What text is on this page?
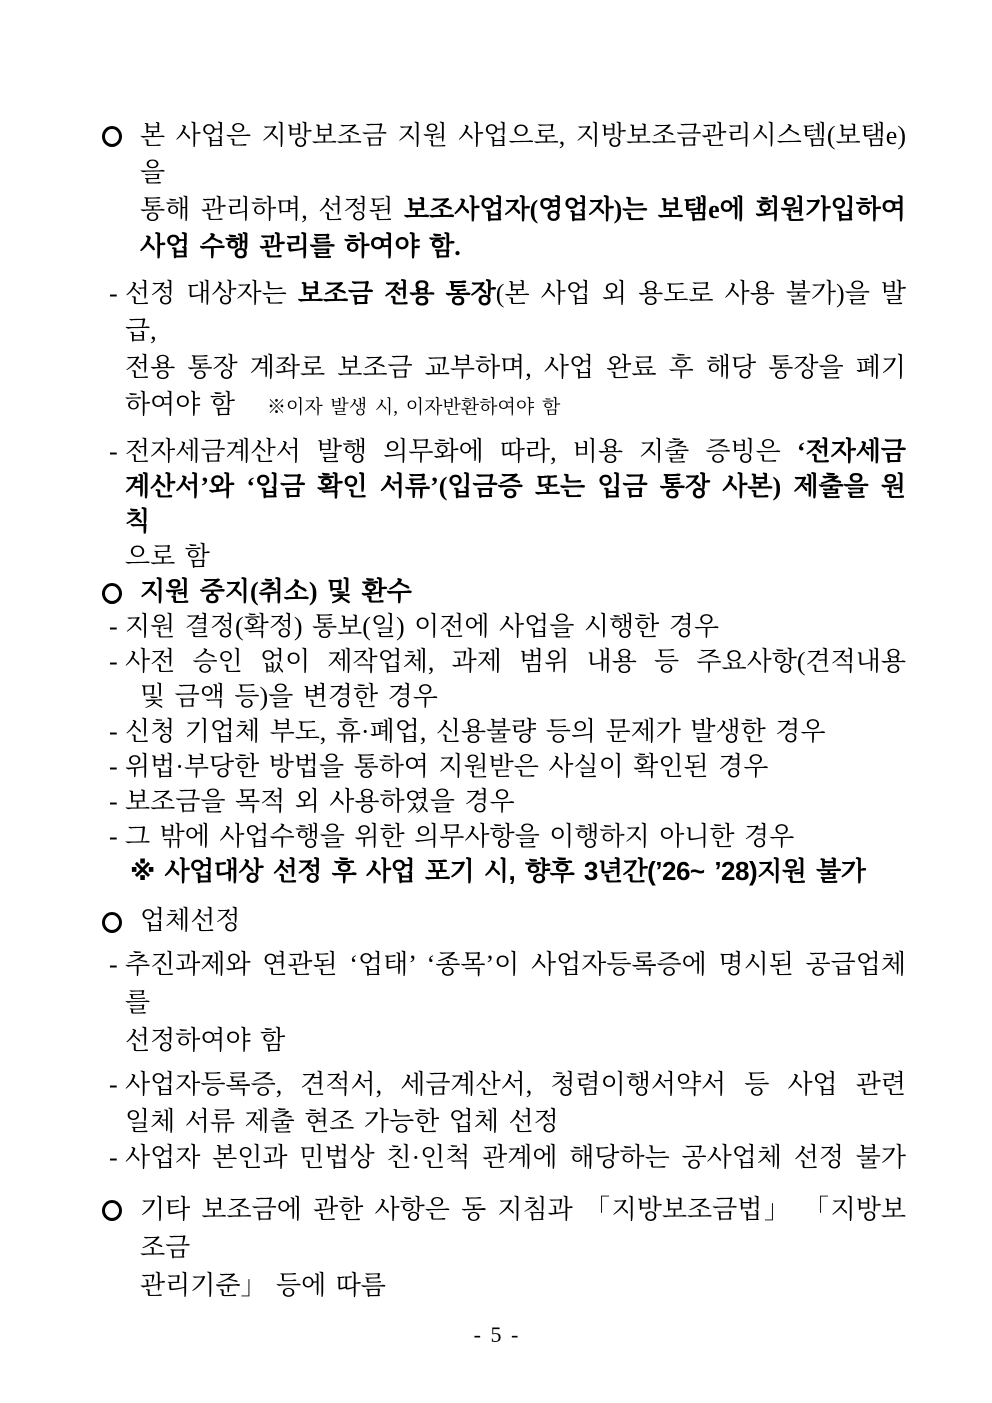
본 사업은 지방보조금 지원 사업으로, 지방보조금관리시스템(보탬e)을
통해 관리하며, 선정된 보조사업자(영업자)는 보탬e에 회원가입하여
사업 수행 관리를 하여야 함.
- 선정 대상자는 보조금 전용 통장(본 사업 외 용도로 사용 불가)을 발급,
전용 통장 계좌로 보조금 교부하며, 사업 완료 후 해당 통장을 폐기
하여야 함 ※이자 발생 시, 이자반환하여야 함
- 전자세금계산서 발행 의무화에 따라, 비용 지출 증빙은 ‘전자세금
계산서’와 ‘입금 확인 서류’(입금증 또는 입금 통장 사본) 제출을 원칙
으로 함
지원 중지(취소) 및 환수
- 지원 결정(확정) 통보(일) 이전에 사업을 시행한 경우
- 사전 승인 없이 제작업체, 과제 범위 내용 등 주요사항(견적내용
및 금액 등)을 변경한 경우
- 신청 기업체 부도, 휴·폐업, 신용불량 등의 문제가 발생한 경우
- 위법·부당한 방법을 통하여 지원받은 사실이 확인된 경우
- 보조금을 목적 외 사용하였을 경우
- 그 밖에 사업수행을 위한 의무사항을 이행하지 아니한 경우
※ 사업대상 선정 후 사업 포기 시, 향후 3년간(’26~ ’28)지원 불가
업체선정
- 추진과제와 연관된 ‘업태’ ‘종목’이 사업자등록증에 명시된 공급업체를
선정하여야 함
- 사업자등록증, 견적서, 세금계산서, 청렴이행서약서 등 사업 관련
일체 서류 제출 현조 가능한 업체 선정
- 사업자 본인과 민법상 친·인척 관계에 해당하는 공사업체 선정 불가
기타 보조금에 관한 사항은 동 지침과 「지방보조금법」 「지방보조금
관리기준」 등에 따름
- 5 -
